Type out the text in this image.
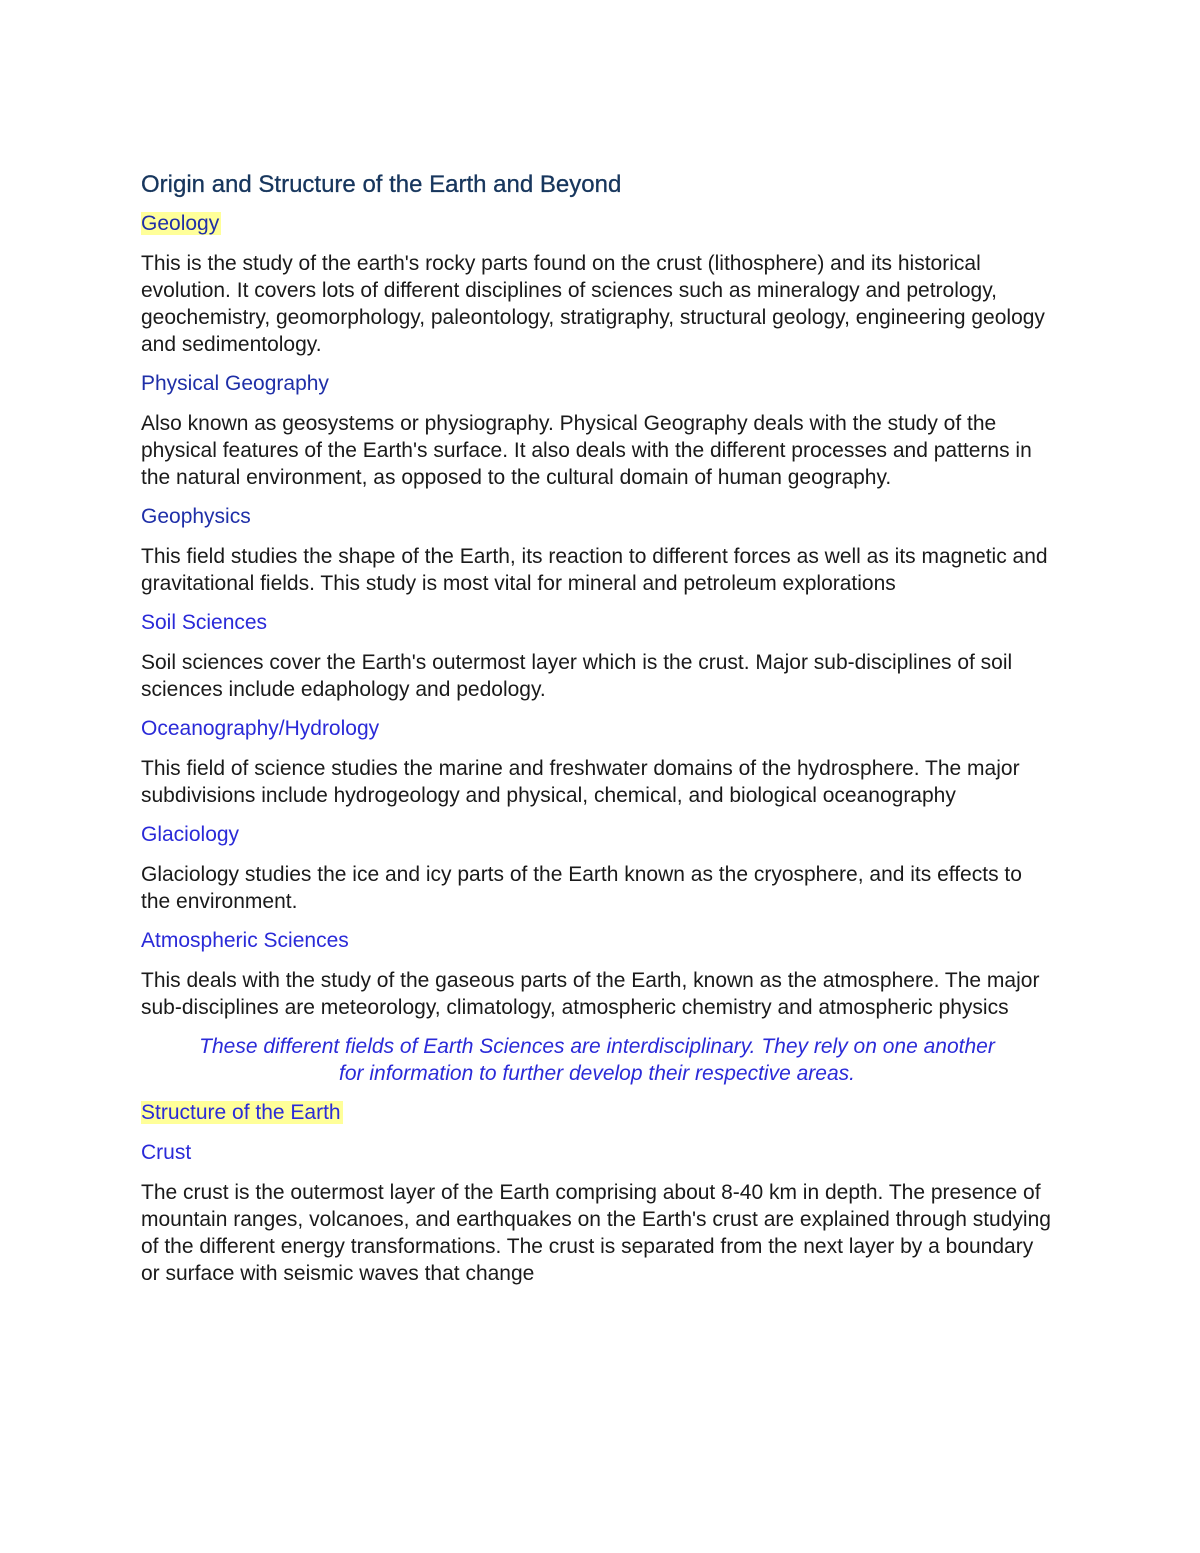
Origin and Structure of the Earth and Beyond
Geology

This is the study of the earth's rocky parts found on the crust (lithosphere) and its historical evolution. It covers lots of different disciplines of sciences such as mineralogy and petrology, geochemistry, geomorphology, paleontology, stratigraphy, structural geology, engineering geology and sedimentology.

Physical Geography

Also known as geosystems or physiography. Physical Geography deals with the study of the physical features of the Earth's surface. It also deals with the different processes and patterns in the natural environment, as opposed to the cultural domain of human geography.

Geophysics

This field studies the shape of the Earth, its reaction to different forces as well as its magnetic and gravitational fields. This study is most vital for mineral and petroleum explorations

Soil Sciences

Soil sciences cover the Earth's outermost layer which is the crust. Major sub-disciplines of soil sciences include edaphology and pedology.

Oceanography/Hydrology

This field of science studies the marine and freshwater domains of the hydrosphere. The major subdivisions include hydrogeology and physical, chemical, and biological oceanography

Glaciology

Glaciology studies the ice and icy parts of the Earth known as the cryosphere, and its effects to the environment.

Atmospheric Sciences

This deals with the study of the gaseous parts of the Earth, known as the atmosphere. The major sub-disciplines are meteorology, climatology, atmospheric chemistry and atmospheric physics

These different fields of Earth Sciences are interdisciplinary. They rely on one another
for information to further develop their respective areas.

Structure of the Earth
Crust

The crust is the outermost layer of the Earth comprising about 8-40 km in depth. The presence of mountain ranges, volcanoes, and earthquakes on the Earth's crust are explained through studying of the different energy transformations. The crust is separated from the next layer by a boundary or surface with seismic waves that change
